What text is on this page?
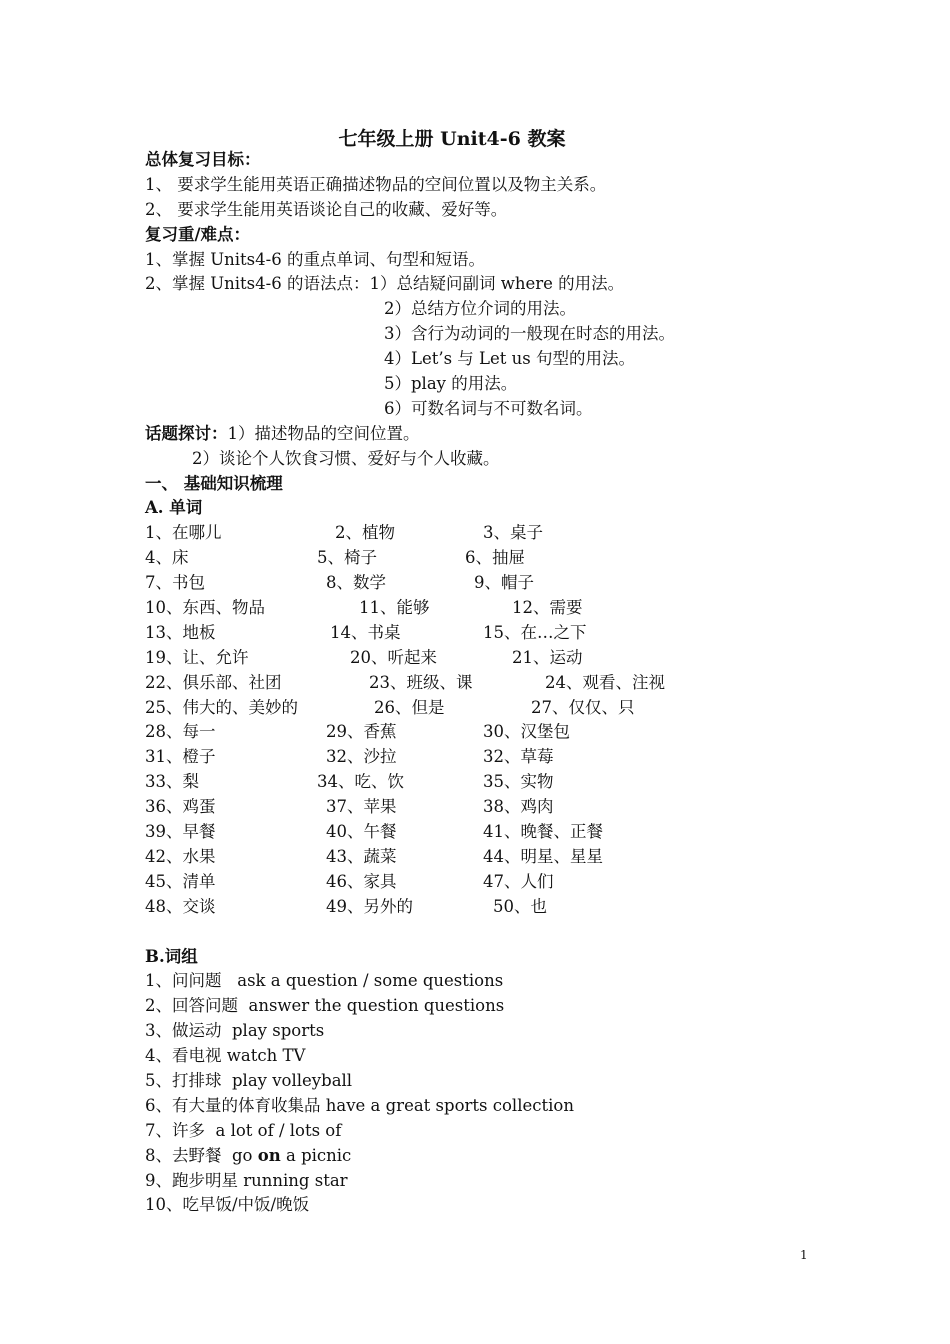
七年级上册 Unit4-6 教案
总体复习目标：
1、 要求学生能用英语正确描述物品的空间位置以及物主关系。
2、 要求学生能用英语谈论自己的收藏、爱好等。
复习重/难点：
1、掌握 Units4-6 的重点单词、句型和短语。
2、掌握 Units4-6 的语法点：1）总结疑问副词 where 的用法。
2）总结方位介词的用法。
3）含行为动词的一般现在时态的用法。
4）Let’s 与 Let us 句型的用法。
5）play 的用法。
6）可数名词与不可数名词。
话题探讨：1）描述物品的空间位置。
2）谈论个人饮食习惯、爱好与个人收藏。
一、 基础知识梳理
A. 单词
1、在哪儿	2、植物	3、桌子
4、床	5、椅子	6、抽屉
7、书包	8、数学	9、帽子
10、东西、物品	11、能够	12、需要
13、地板	14、书桌	15、在…之下
19、让、允许	20、听起来	21、运动
22、俱乐部、社团	23、班级、课	24、观看、注视
25、伟大的、美妙的	26、但是	27、仅仅、只
28、每一	29、香蕉	30、汉堡包
31、橙子	32、沙拉	32、草莓
33、梨	34、吃、饮	35、实物
36、鸡蛋	37、苹果	38、鸡肉
39、早餐	40、午餐	41、晚餐、正餐
42、水果	43、蔬菜	44、明星、星星
45、清单	46、家具	47、人们
48、交谈	49、另外的	50、也
B.词组
1、问问题   ask a question / some questions
2、回答问题  answer the question questions
3、做运动  play sports
4、看电视 watch TV
5、打排球  play volleyball
6、有大量的体育收集品 have a great sports collection
7、许多  a lot of / lots of
8、去野餐  go on a picnic
9、跑步明星 running star
10、吃早饭/中饭/晚饭
1
